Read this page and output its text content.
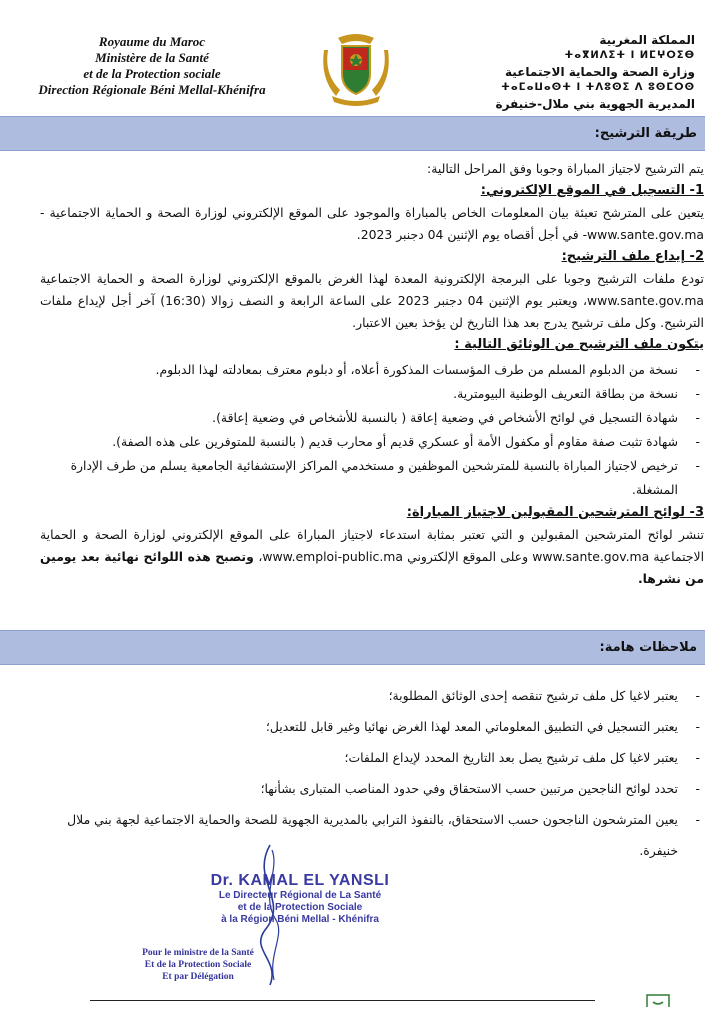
Royaume du Maroc
Ministère de la Santé
et de la Protection sociale
Direction Régionale Béni Mellal-Khénifra
المملكة المغربية
ⵜⴰⴳⵍⴷⵉⵜ ⵏ ⵍⵎⵖⵔⵉⴱ
وزارة الصحة والحماية الاجتماعية
ⵜⴰⵎⴰⵡⴰⵙⵜ ⵏ ⵜⴷⵓⵙⵉ ⴷ ⵓⵙⵎⵔⵙ
المديرية الجهوية بني ملال-خنيفرة
طريقة الترشيح:

يتم الترشيح لاجتياز المباراة وجوبا وفق المراحل التالية:

1- التسجيل في الموقع الإلكتروني:

يتعين على المترشح تعبئة بيان المعلومات الخاص بالمباراة والموجود على الموقع الإلكتروني لوزارة الصحة و الحماية الاجتماعية -www.sante.gov.ma- في أجل أقصاه يوم الإثنين 04 دجنبر 2023.

2- إيداع ملف الترشيح:

تودع ملفات الترشيح وجوبا على البرمجة الإلكترونية المعدة لهذا الغرض بالموقع الإلكتروني لوزارة الصحة و الحماية الاجتماعية www.sante.gov.ma، ويعتبر يوم الإثنين 04 دجنبر 2023 على الساعة الرابعة و النصف زوالا (16:30) آخر أجل لإيداع ملفات الترشيح. وكل ملف ترشيح يدرج بعد هذا التاريخ لن يؤخذ بعين الاعتبار.

يتكون ملف الترشيح من الوثائق التالية :

- نسخة من الدبلوم المسلم من طرف المؤسسات المذكورة أعلاه، أو دبلوم معترف بمعادلته لهذا الدبلوم.
- نسخة من بطاقة التعريف الوطنية البيومترية.
- شهادة التسجيل في لوائح الأشخاص في وضعية إعاقة ( بالنسبة للأشخاص في وضعية إعاقة).
- شهادة تثبت صفة مقاوم أو مكفول الأمة أو عسكري قديم أو محارب قديم ( بالنسبة للمتوفرين على هذه الصفة).
- ترخيص لاجتياز المباراة بالنسبة للمترشحين الموظفين و مستخدمي المراكز الإستشفائية الجامعية يسلم من طرف الإدارة المشغلة.

3- لوائح المترشحين المقبولين لاجتياز المباراة:

تنشر لوائح المترشحين المقبولين و التي تعتبر بمثابة استدعاء لاجتياز المباراة على الموقع الإلكتروني لوزارة الصحة و الحماية الاجتماعية www.sante.gov.ma وعلى الموقع الإلكتروني www.emploi-public.ma، وتصبح هذه اللوائح نهائية بعد يومين من نشرها.

ملاحظات هامة:
- يعتبر لاغيا كل ملف ترشيح تنقصه إحدى الوثائق المطلوبة؛
- يعتبر التسجيل في التطبيق المعلوماتي المعد لهذا الغرض نهائيا وغير قابل للتعديل؛
- يعتبر لاغيا كل ملف ترشيح يصل بعد التاريخ المحدد لإيداع الملفات؛
- تحدد لوائح الناجحين مرتبين حسب الاستحقاق وفي حدود المناصب المتبارى بشأنها؛
- يعين المترشحون الناجحون حسب الاستحقاق، بالنفوذ الترابي بالمديرية الجهوية للصحة والحماية الاجتماعية لجهة بني ملال خنيفرة.
Dr. KAMAL EL YANSLI
Le Directeur Régional de La Santé
et de la Protection Sociale
à la Région Béni Mellal - Khénifra
Pour le ministre de la Santé
Et de la Protection Sociale
Et par Délégation
